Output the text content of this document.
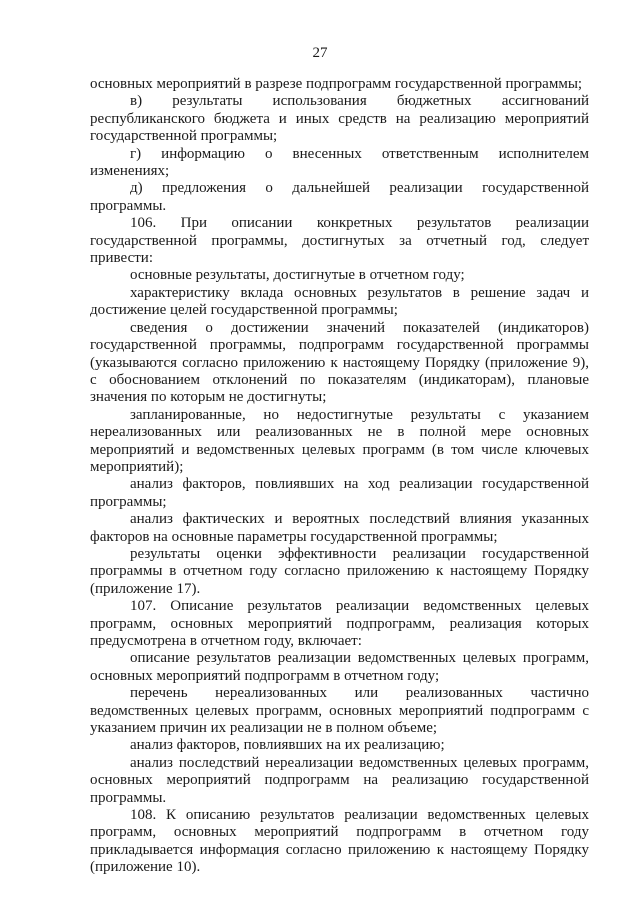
27

основных мероприятий в разрезе подпрограмм государственной программы;

в) результаты использования бюджетных ассигнований республиканского бюджета и иных средств на реализацию мероприятий государственной программы;

г) информацию о внесенных ответственным исполнителем изменениях;

д) предложения о дальнейшей реализации государственной программы.

106. При описании конкретных результатов реализации государственной программы, достигнутых за отчетный год, следует привести:

основные результаты, достигнутые в отчетном году;

характеристику вклада основных результатов в решение задач и достижение целей государственной программы;

сведения о достижении значений показателей (индикаторов) государственной программы, подпрограмм государственной программы (указываются согласно приложению к настоящему Порядку (приложение 9), с обоснованием отклонений по показателям (индикаторам), плановые значения по которым не достигнуты;

запланированные, но недостигнутые результаты с указанием нереализованных или реализованных не в полной мере основных мероприятий и ведомственных целевых программ (в том числе ключевых мероприятий);

анализ факторов, повлиявших на ход реализации государственной программы;

анализ фактических и вероятных последствий влияния указанных факторов на основные параметры государственной программы;

результаты оценки эффективности реализации государственной программы в отчетном году согласно приложению к настоящему Порядку (приложение 17).

107. Описание результатов реализации ведомственных целевых программ, основных мероприятий подпрограмм, реализация которых предусмотрена в отчетном году, включает:

описание результатов реализации ведомственных целевых программ, основных мероприятий подпрограмм в отчетном году;

перечень нереализованных или реализованных частично ведомственных целевых программ, основных мероприятий подпрограмм с указанием причин их реализации не в полном объеме;

анализ факторов, повлиявших на их реализацию;

анализ последствий нереализации ведомственных целевых программ, основных мероприятий подпрограмм на реализацию государственной программы.

108. К описанию результатов реализации ведомственных целевых программ, основных мероприятий подпрограмм в отчетном году прикладывается информация согласно приложению к настоящему Порядку (приложение 10).
